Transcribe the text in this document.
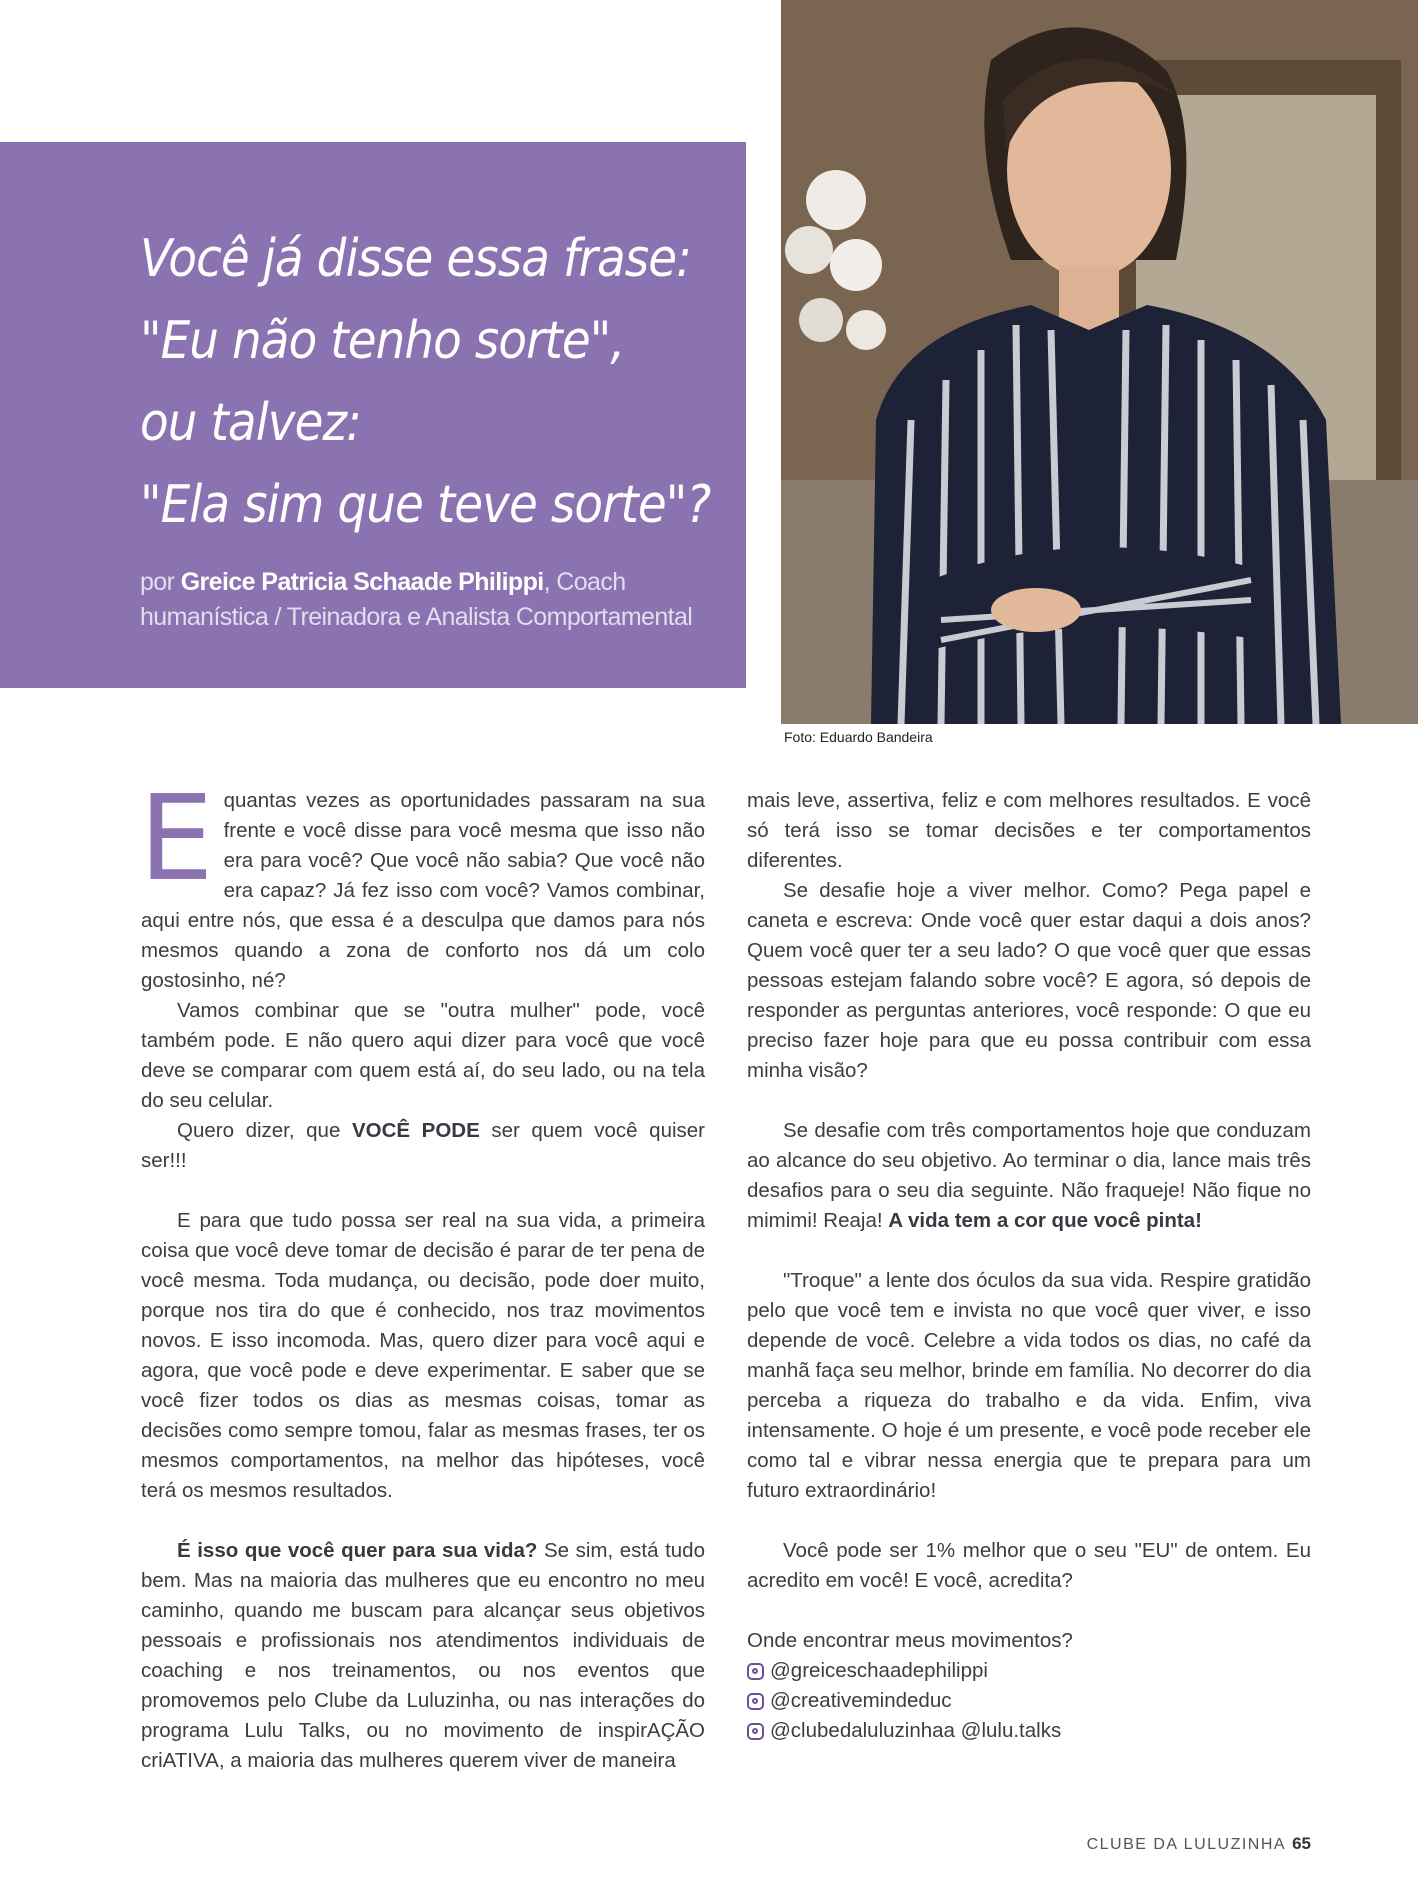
Você já disse essa frase:
"Eu não tenho sorte",
ou talvez:
"Ela sim que teve sorte"?
por Greice Patricia Schaade Philippi, Coach humanística / Treinadora e Analista Comportamental
Foto: Eduardo Bandeira

Equantas vezes as oportunidades passaram na sua frente e você disse para você mesma que isso não era para você? Que você não sabia? Que você não era capaz? Já fez isso com você? Vamos combinar, aqui entre nós, que essa é a desculpa que damos para nós mesmos quando a zona de conforto nos dá um colo gostosinho, né?

Vamos combinar que se "outra mulher" pode, você também pode. E não quero aqui dizer para você que você deve se comparar com quem está aí, do seu lado, ou na tela do seu celular.

Quero dizer, que VOCÊ PODE ser quem você quiser ser!!!

E para que tudo possa ser real na sua vida, a primeira coisa que você deve tomar de decisão é parar de ter pena de você mesma. Toda mudança, ou decisão, pode doer muito, porque nos tira do que é conhecido, nos traz movimentos novos. E isso incomoda. Mas, quero dizer para você aqui e agora, que você pode e deve experimentar. E saber que se você fizer todos os dias as mesmas coisas, tomar as decisões como sempre tomou, falar as mesmas frases, ter os mesmos comportamentos, na melhor das hipóteses, você terá os mesmos resultados.

É isso que você quer para sua vida? Se sim, está tudo bem. Mas na maioria das mulheres que eu encontro no meu caminho, quando me buscam para alcançar seus objetivos pessoais e profissionais nos atendimentos individuais de coaching e nos treinamentos, ou nos eventos que promovemos pelo Clube da Luluzinha, ou nas interações do programa Lulu Talks, ou no movimento de inspirAÇÃO criATIVA, a maioria das mulheres querem viver de maneira

mais leve, assertiva, feliz e com melhores resultados. E você só terá isso se tomar decisões e ter comportamentos diferentes.

Se desafie hoje a viver melhor. Como? Pega papel e caneta e escreva: Onde você quer estar daqui a dois anos? Quem você quer ter a seu lado? O que você quer que essas pessoas estejam falando sobre você? E agora, só depois de responder as perguntas anteriores, você responde: O que eu preciso fazer hoje para que eu possa contribuir com essa minha visão?

Se desafie com três comportamentos hoje que conduzam ao alcance do seu objetivo. Ao terminar o dia, lance mais três desafios para o seu dia seguinte. Não fraqueje! Não fique no mimimi! Reaja! A vida tem a cor que você pinta!

"Troque" a lente dos óculos da sua vida. Respire gratidão pelo que você tem e invista no que você quer viver, e isso depende de você. Celebre a vida todos os dias, no café da manhã faça seu melhor, brinde em família. No decorrer do dia perceba a riqueza do trabalho e da vida. Enfim, viva intensamente. O hoje é um presente, e você pode receber ele como tal e vibrar nessa energia que te prepara para um futuro extraordinário!

Você pode ser 1% melhor que o seu "EU" de ontem. Eu acredito em você! E você, acredita?

Onde encontrar meus movimentos?

@greiceschaadephilippi
@creativemindeduc
@clubedaluluzinhaa @lulu.talks
CLUBE DA LULUZINHA 65
